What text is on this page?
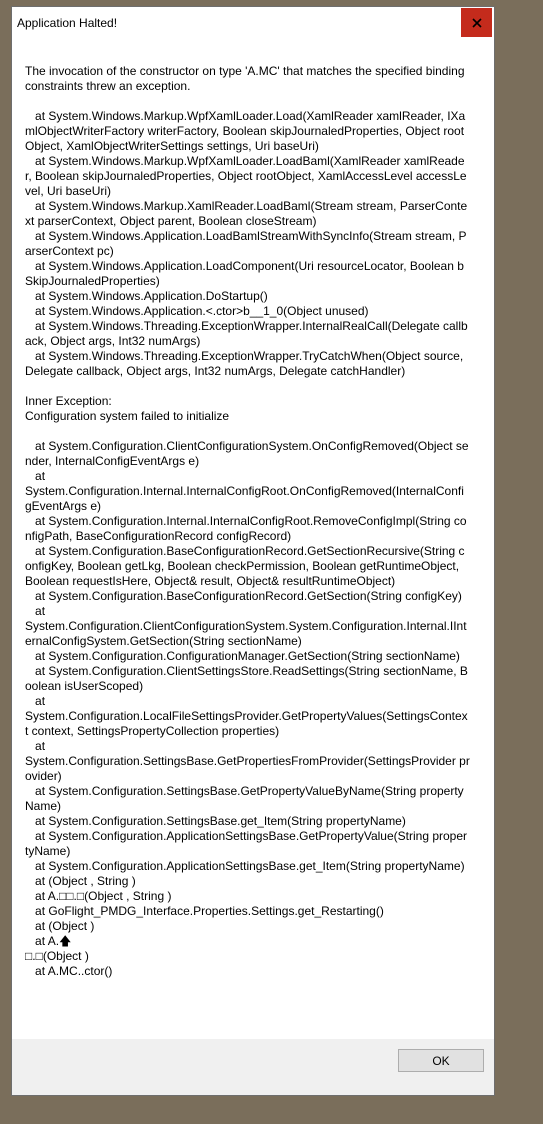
Application Halted!
The invocation of the constructor on type 'A.MC' that matches the specified binding constraints threw an exception.

at System.Windows.Markup.WpfXamlLoader.Load(XamlReader xamlReader, IXamlObjectWriterFactory writerFactory, Boolean skipJournaledProperties, Object rootObject, XamlObjectWriterSettings settings, Uri baseUri)
at System.Windows.Markup.WpfXamlLoader.LoadBaml(XamlReader xamlReader, Boolean skipJournaledProperties, Object rootObject, XamlAccessLevel accessLevel, Uri baseUri)
at System.Windows.Markup.XamlReader.LoadBaml(Stream stream, ParserContext parserContext, Object parent, Boolean closeStream)
at System.Windows.Application.LoadBamlStreamWithSyncInfo(Stream stream, ParserContext pc)
at System.Windows.Application.LoadComponent(Uri resourceLocator, Boolean bSkipJournaledProperties)
at System.Windows.Application.DoStartup()
at System.Windows.Application.<.ctor>b__1_0(Object unused)
at System.Windows.Threading.ExceptionWrapper.InternalRealCall(Delegate callback, Object args, Int32 numArgs)
at System.Windows.Threading.ExceptionWrapper.TryCatchWhen(Object source, Delegate callback, Object args, Int32 numArgs, Delegate catchHandler)

Inner Exception:
Configuration system failed to initialize

at System.Configuration.ClientConfigurationSystem.OnConfigRemoved(Object sender, InternalConfigEventArgs e)
at
System.Configuration.Internal.InternalConfigRoot.OnConfigRemoved(InternalConfigEventArgs e)
at System.Configuration.Internal.InternalConfigRoot.RemoveConfigImpl(String configPath, BaseConfigurationRecord configRecord)
at System.Configuration.BaseConfigurationRecord.GetSectionRecursive(String configKey, Boolean getLkg, Boolean checkPermission, Boolean getRuntimeObject, Boolean requestIsHere, Object& result, Object& resultRuntimeObject)
at System.Configuration.BaseConfigurationRecord.GetSection(String configKey)
at
System.Configuration.ClientConfigurationSystem.System.Configuration.Internal.IInternalConfigSystem.GetSection(String sectionName)
at System.Configuration.ConfigurationManager.GetSection(String sectionName)
at System.Configuration.ClientSettingsStore.ReadSettings(String sectionName, Boolean isUserScoped)
at
System.Configuration.LocalFileSettingsProvider.GetPropertyValues(SettingsContext context, SettingsPropertyCollection properties)
at
System.Configuration.SettingsBase.GetPropertiesFromProvider(SettingsProvider provider)
at System.Configuration.SettingsBase.GetPropertyValueByName(String propertyName)
at System.Configuration.SettingsBase.get_Item(String propertyName)
at System.Configuration.ApplicationSettingsBase.GetPropertyValue(String propertyName)
at System.Configuration.ApplicationSettingsBase.get_Item(String propertyName)
at (Object , String )
at A.□□.□(Object , String )
at GoFlight_PMDG_Interface.Properties.Settings.get_Restarting()
at (Object )
at A.🡅
□.□(Object )
at A.MC..ctor()
OK
